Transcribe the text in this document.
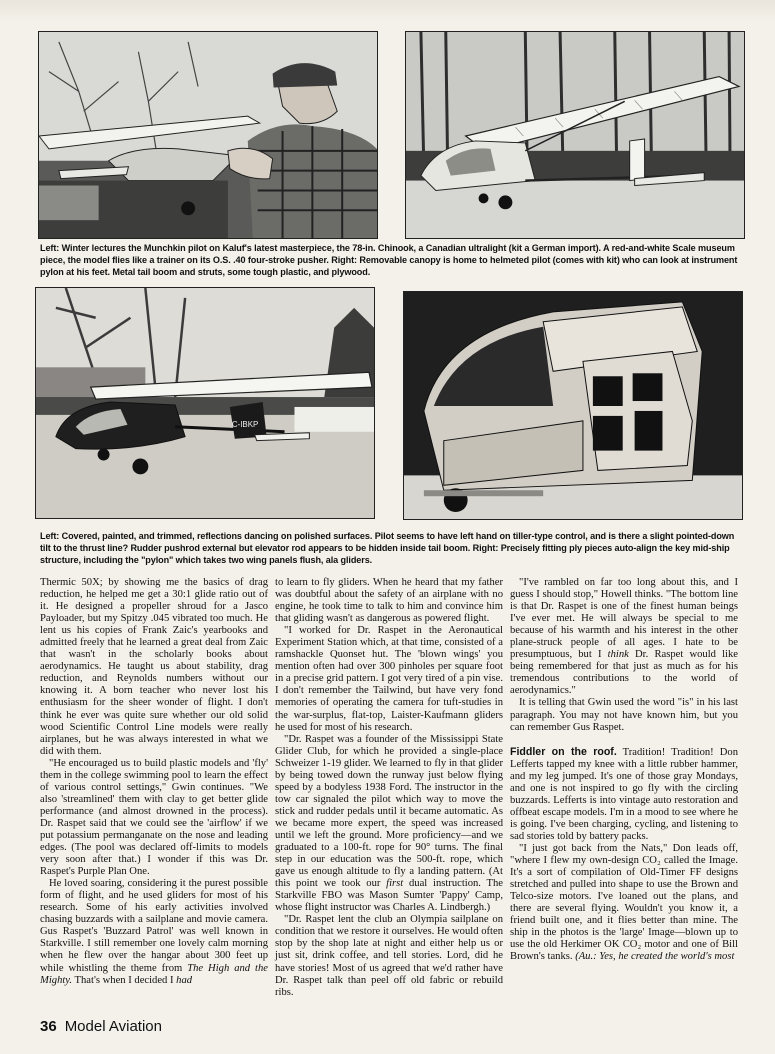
Left: Winter lectures the Munchkin pilot on Kaluf's latest masterpiece, the 78-in. Chinook, a Canadian ultralight (kit a German import). A red-and-white Scale museum piece, the model flies like a trainer on its O.S. .40 four-stroke pusher. Right: Removable canopy is home to helmeted pilot (comes with kit) who can look at instrument pylon at his feet. Metal tail boom and struts, some tough plastic, and plywood.
C-IBKP
Left: Covered, painted, and trimmed, reflections dancing on polished surfaces. Pilot seems to have left hand on tiller-type control, and is there a slight pointed-down tilt to the thrust line? Rudder pushrod external but elevator rod appears to be hidden inside tail boom. Right: Precisely fitting ply pieces auto-align the key mid-ship structure, including the "pylon" which takes two wing panels flush, ala gliders.

Thermic 50X; by showing me the basics of drag reduction, he helped me get a 30:1 glide ratio out of it. He designed a propeller shroud for a Jasco Payloader, but my Spitzy .045 vibrated too much. He lent us his copies of Frank Zaic's yearbooks and admitted freely that he learned a great deal from Zaic that wasn't in the scholarly books about aerodynamics. He taught us about stability, drag reduction, and Reynolds numbers without our knowing it. A born teacher who never lost his enthusiasm for the sheer wonder of flight. I don't think he ever was quite sure whether our old solid wood Scientific Control Line models were really airplanes, but he was always interested in what we did with them.

"He encouraged us to build plastic models and 'fly' them in the college swimming pool to learn the effect of various control settings," Gwin continues. "We also 'streamlined' them with clay to get better glide performance (and almost drowned in the process). Dr. Raspet said that we could see the 'airflow' if we put potassium permanganate on the nose and leading edges. (The pool was declared off-limits to models very soon after that.) I wonder if this was Dr. Raspet's Purple Plan One.

He loved soaring, considering it the purest possible form of flight, and he used gliders for most of his research. Some of his early activities involved chasing buzzards with a sailplane and movie camera. Gus Raspet's 'Buzzard Patrol' was well known in Starkville. I still remember one lovely calm morning when he flew over the hangar about 300 feet up while whistling the theme from The High and the Mighty. That's when I decided I had

to learn to fly gliders. When he heard that my father was doubtful about the safety of an airplane with no engine, he took time to talk to him and convince him that gliding wasn't as dangerous as powered flight.

"I worked for Dr. Raspet in the Aeronautical Experiment Station which, at that time, consisted of a ramshackle Quonset hut. The 'blown wings' you mention often had over 300 pinholes per square foot in a precise grid pattern. I got very tired of a pin vise. I don't remember the Tailwind, but have very fond memories of operating the camera for tuft-studies in the war-surplus, flat-top, Laister-Kaufmann gliders he used for most of his research.

"Dr. Raspet was a founder of the Mississippi State Glider Club, for which he provided a single-place Schweizer 1-19 glider. We learned to fly in that glider by being towed down the runway just below flying speed by a bodyless 1938 Ford. The instructor in the tow car signaled the pilot which way to move the stick and rudder pedals until it became automatic. As we became more expert, the speed was increased until we left the ground. More proficiency—and we graduated to a 100-ft. rope for 90° turns. The final step in our education was the 500-ft. rope, which gave us enough altitude to fly a landing pattern. (At this point we took our first dual instruction. The Starkville FBO was Mason Sumter 'Pappy' Camp, whose flight instructor was Charles A. Lindbergh.)

"Dr. Raspet lent the club an Olympia sailplane on condition that we restore it ourselves. He would often stop by the shop late at night and either help us or just sit, drink coffee, and tell stories. Lord, did he have stories! Most of us agreed that we'd rather have Dr. Raspet talk than peel off old fabric or rebuild ribs.

"I've rambled on far too long about this, and I guess I should stop," Howell thinks. "The bottom line is that Dr. Raspet is one of the finest human beings I've ever met. He will always be special to me because of his warmth and his interest in the other plane-struck people of all ages. I hate to be presumptuous, but I think Dr. Raspet would like being remembered for that just as much as for his tremendous contributions to the world of aerodynamics."

It is telling that Gwin used the word "is" in his last paragraph. You may not have known him, but you can remember Gus Raspet.

Fiddler on the roof. Tradition! Tradition! Don Lefferts tapped my knee with a little rubber hammer, and my leg jumped. It's one of those gray Mondays, and one is not inspired to go fly with the circling buzzards. Lefferts is into vintage auto restoration and offbeat escape models. I'm in a mood to see where he is going. I've been charging, cycling, and listening to sad stories told by battery packs.

"I just got back from the Nats," Don leads off, "where I flew my own-design CO₂ called the Image. It's a sort of compilation of Old-Timer FF designs stretched and pulled into shape to use the Brown and Telco-size motors. I've loaned out the plans, and there are several flying. Wouldn't you know it, a friend built one, and it flies better than mine. The ship in the photos is the 'large' Image—blown up to use the old Herkimer OK CO₂ motor and one of Bill Brown's tanks. (Au.: Yes, he created the world's most

36 Model Aviation
